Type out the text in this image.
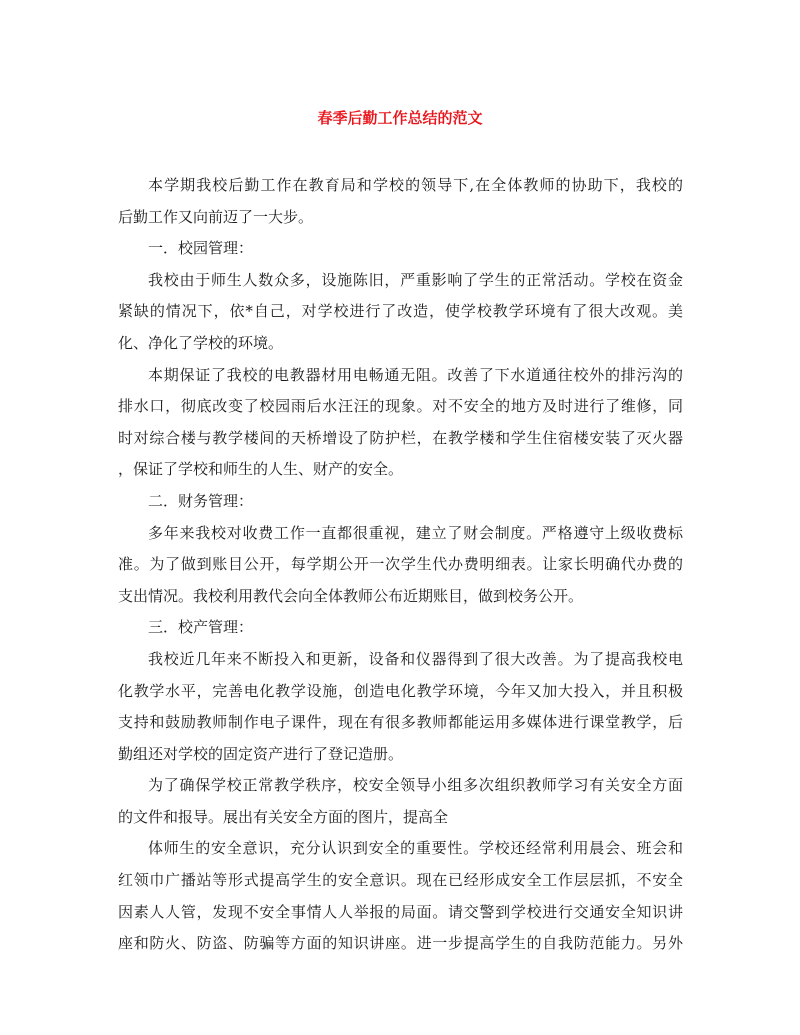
春季后勤工作总结的范文
本学期我校后勤工作在教育局和学校的领导下,在全体教师的协助下，我校的
后勤工作又向前迈了一大步。
一．校园管理：
我校由于师生人数众多，设施陈旧，严重影响了学生的正常活动。学校在资金
紧缺的情况下，依*自己，对学校进行了改造，使学校教学环境有了很大改观。美
化、净化了学校的环境。
本期保证了我校的电教器材用电畅通无阻。改善了下水道通往校外的排污沟的
排水口，彻底改变了校园雨后水汪汪的现象。对不安全的地方及时进行了维修，同
时对综合楼与教学楼间的天桥增设了防护栏，在教学楼和学生住宿楼安装了灭火器
，保证了学校和师生的人生、财产的安全。
二．财务管理：
多年来我校对收费工作一直都很重视，建立了财会制度。严格遵守上级收费标
准。为了做到账目公开，每学期公开一次学生代办费明细表。让家长明确代办费的
支出情况。我校利用教代会向全体教师公布近期账目，做到校务公开。
三．校产管理：
我校近几年来不断投入和更新，设备和仪器得到了很大改善。为了提高我校电
化教学水平，完善电化教学设施，创造电化教学环境，今年又加大投入，并且积极
支持和鼓励教师制作电子课件，现在有很多教师都能运用多媒体进行课堂教学，后
勤组还对学校的固定资产进行了登记造册。
为了确保学校正常教学秩序，校安全领导小组多次组织教师学习有关安全方面
的文件和报导。展出有关安全方面的图片，提高全
体师生的安全意识，充分认识到安全的重要性。学校还经常利用晨会、班会和
红领巾广播站等形式提高学生的安全意识。现在已经形成安全工作层层抓，不安全
因素人人管，发现不安全事情人人举报的局面。请交警到学校进行交通安全知识讲
座和防火、防盗、防骗等方面的知识讲座。进一步提高学生的自我防范能力。另外
